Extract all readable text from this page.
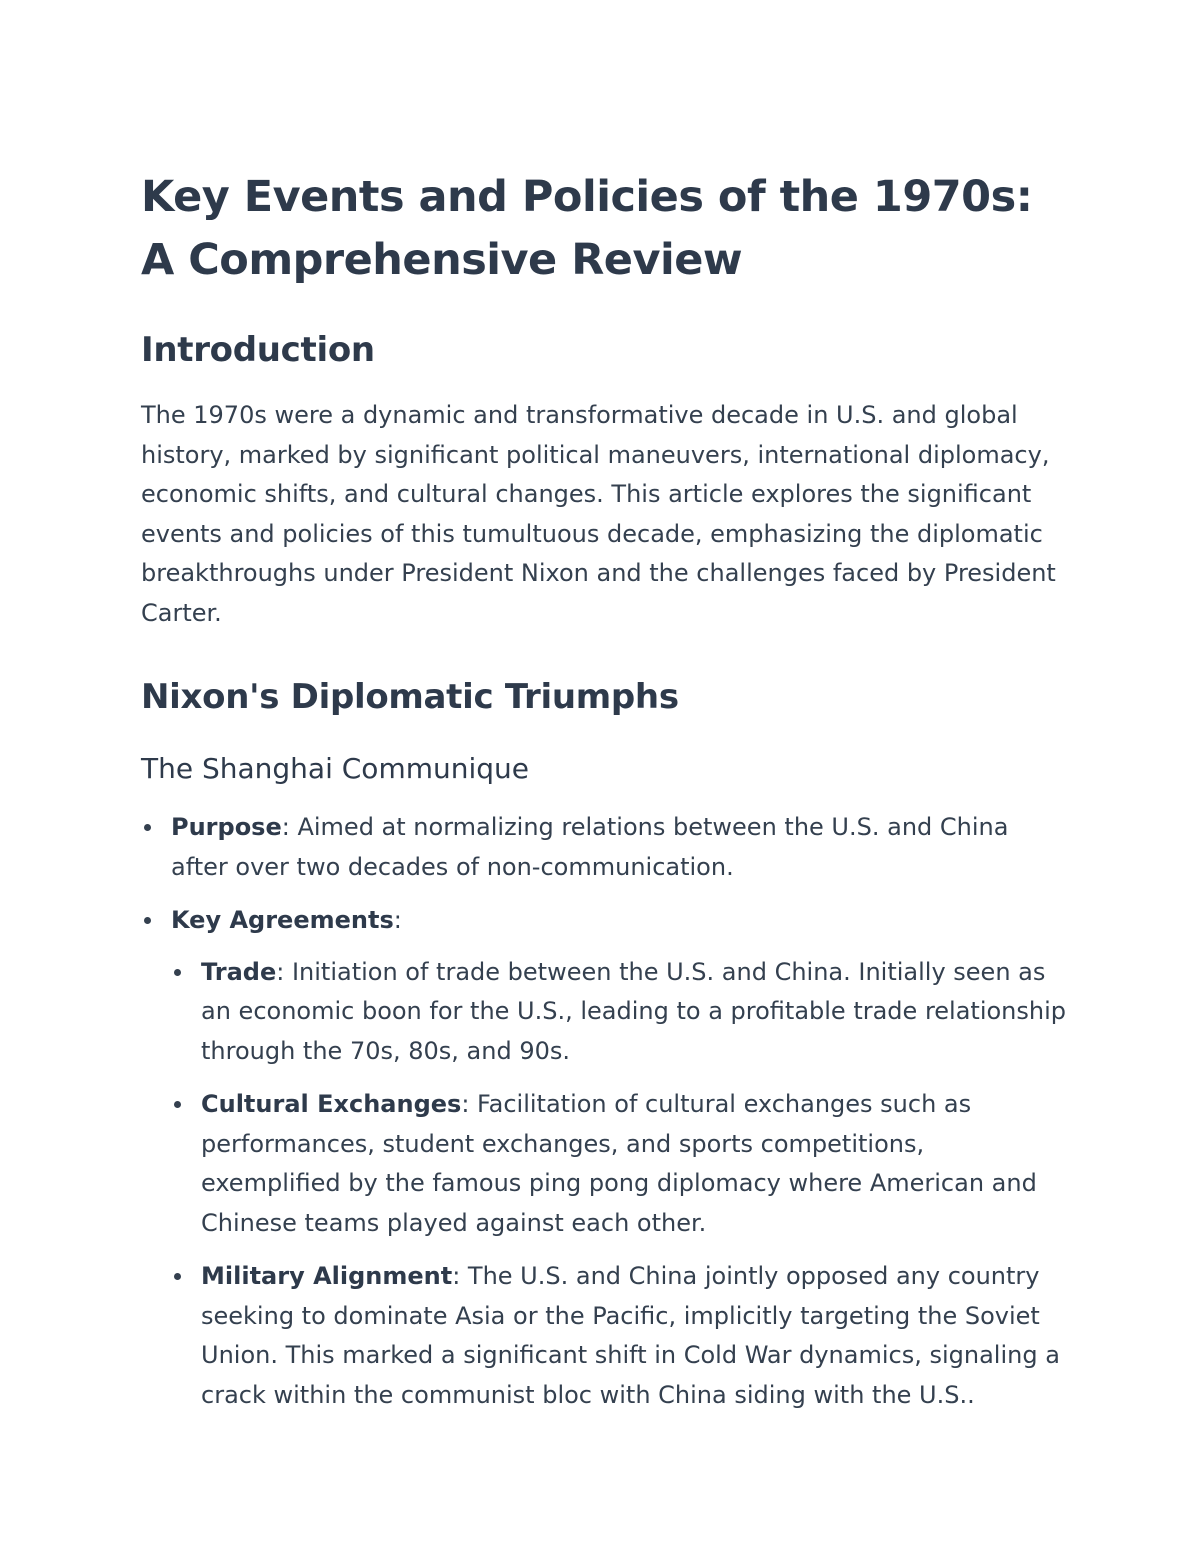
Key Events and Policies of the 1970s: A Comprehensive Review
Introduction

The 1970s were a dynamic and transformative decade in U.S. and global history, marked by significant political maneuvers, international diplomacy, economic shifts, and cultural changes. This article explores the significant events and policies of this tumultuous decade, emphasizing the diplomatic breakthroughs under President Nixon and the challenges faced by President Carter.

Nixon's Diplomatic Triumphs
The Shanghai Communique
Purpose: Aimed at normalizing relations between the U.S. and China after over two decades of non-communication.
Key Agreements:
Trade: Initiation of trade between the U.S. and China. Initially seen as an economic boon for the U.S., leading to a profitable trade relationship through the 70s, 80s, and 90s.
Cultural Exchanges: Facilitation of cultural exchanges such as performances, student exchanges, and sports competitions, exemplified by the famous ping pong diplomacy where American and Chinese teams played against each other.
Military Alignment: The U.S. and China jointly opposed any country seeking to dominate Asia or the Pacific, implicitly targeting the Soviet Union. This marked a significant shift in Cold War dynamics, signaling a crack within the communist bloc with China siding with the U.S..
